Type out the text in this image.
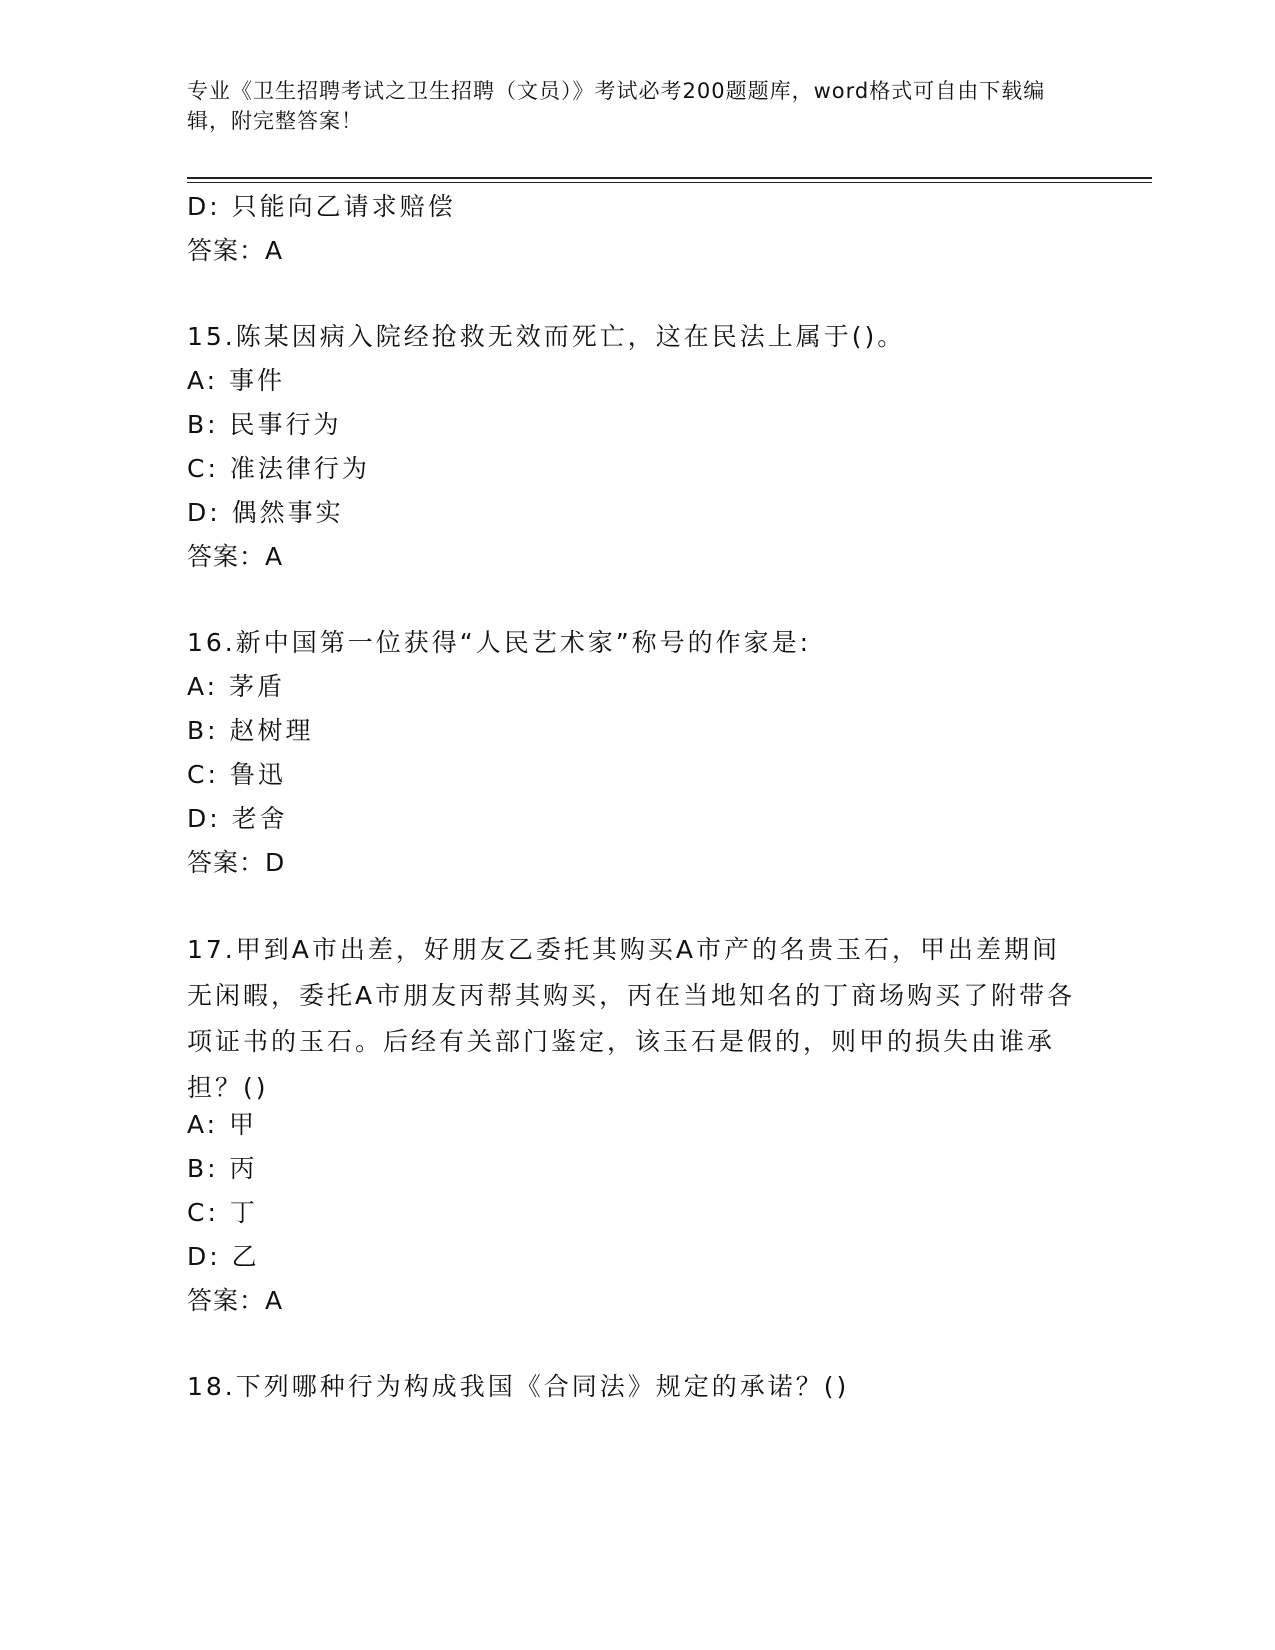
专业《卫生招聘考试之卫生招聘（文员）》考试必考200题题库，word格式可自由下载编辑，附完整答案！
D: 只能向乙请求赔偿
答案：A
15.陈某因病入院经抢救无效而死亡，这在民法上属于()。
A: 事件
B: 民事行为
C: 准法律行为
D: 偶然事实
答案：A
16.新中国第一位获得“人民艺术家”称号的作家是:
A: 茅盾
B: 赵树理
C: 鲁迅
D: 老舍
答案：D
17.甲到A市出差，好朋友乙委托其购买A市产的名贵玉石，甲出差期间无闲暇，委托A市朋友丙帮其购买，丙在当地知名的丁商场购买了附带各项证书的玉石。后经有关部门鉴定，该玉石是假的，则甲的损失由谁承担？()
A: 甲
B: 丙
C: 丁
D: 乙
答案：A
18.下列哪种行为构成我国《合同法》规定的承诺？()
